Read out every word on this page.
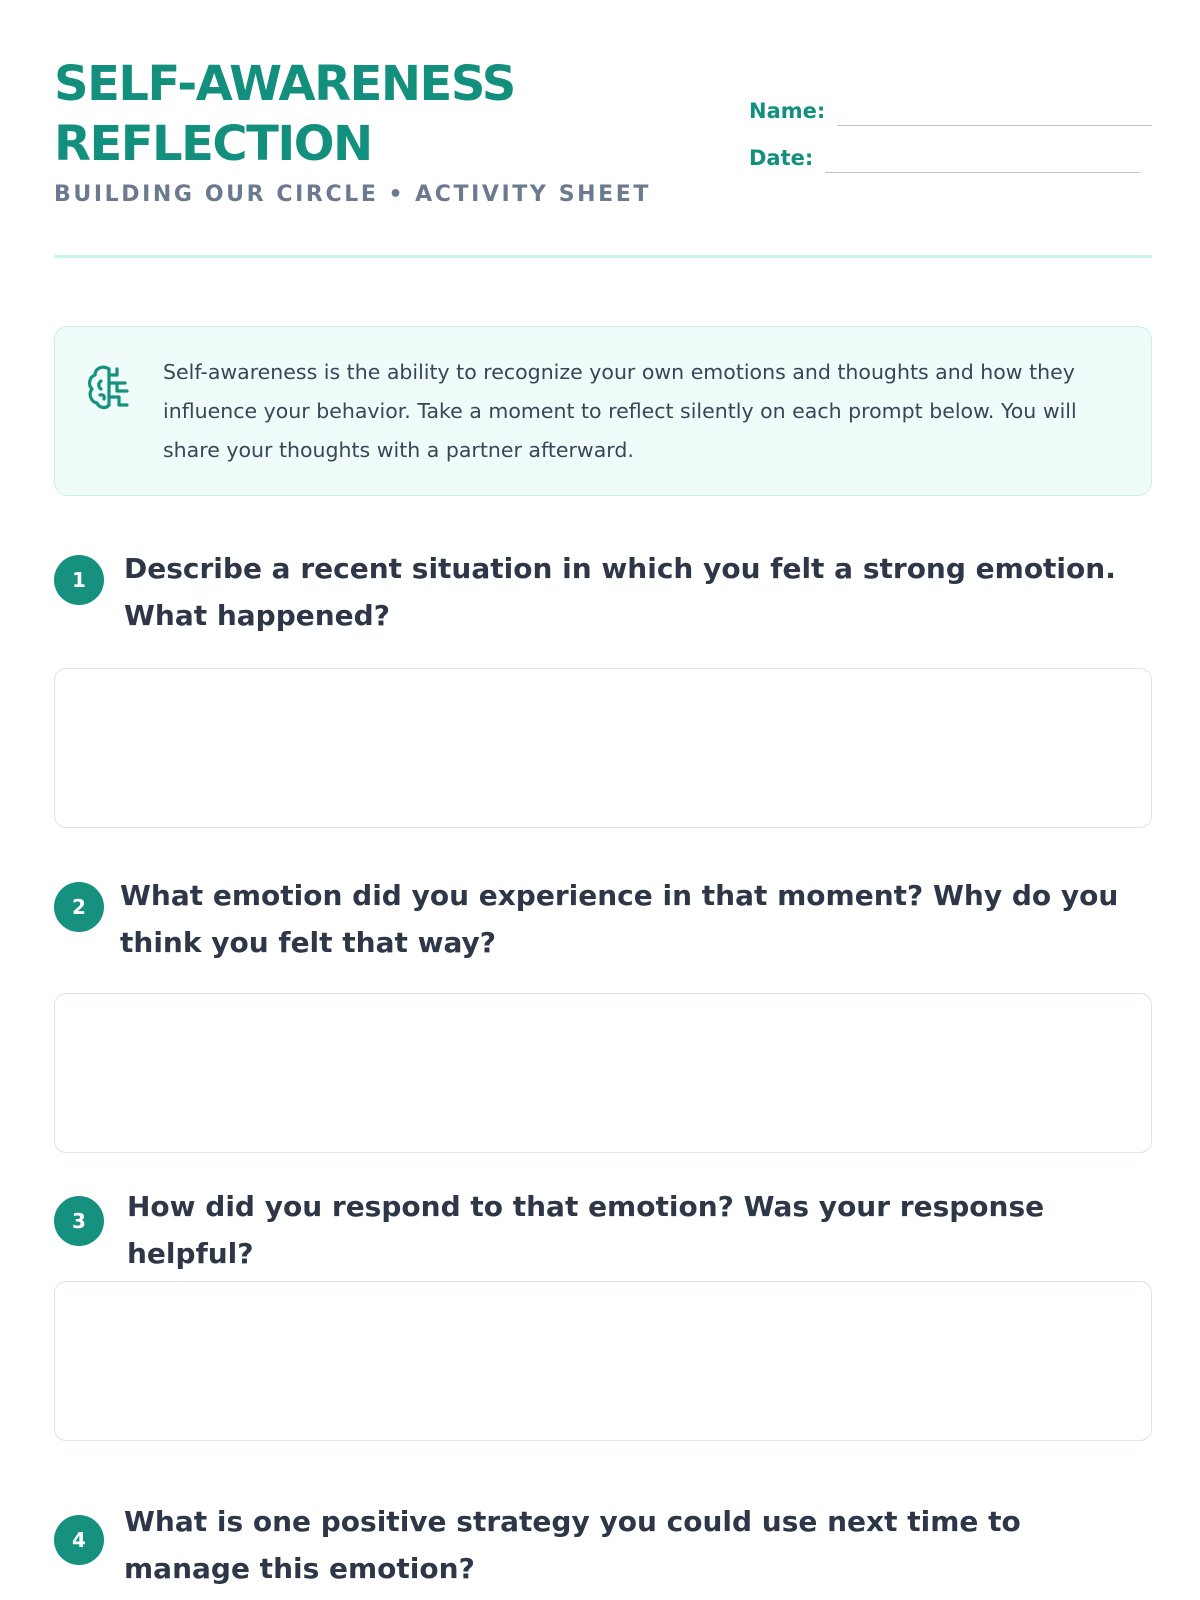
SELF-AWARENESS
REFLECTION
BUILDING OUR CIRCLE • ACTIVITY SHEET
Name:
Date:

Self-awareness is the ability to recognize your own emotions and thoughts and how they influence your behavior. Take a moment to reflect silently on each prompt below. You will share your thoughts with a partner afterward.

1	Describe a recent situation in which you felt a strong emotion. What happened?

2	What emotion did you experience in that moment? Why do you think you felt that way?

3	How did you respond to that emotion? Was your response helpful?

4

What is one positive strategy you could use next time to manage this emotion?
